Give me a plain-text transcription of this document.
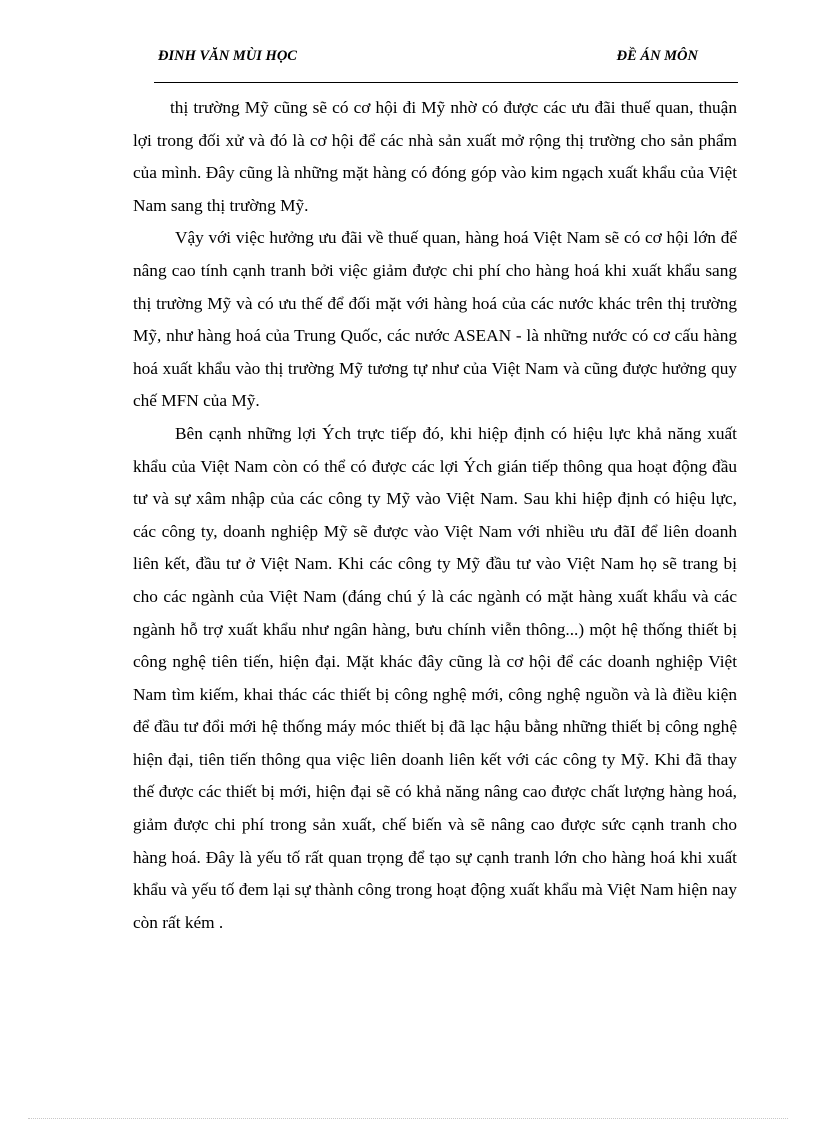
ĐINH VĂN MÙI HỌC	ĐỀ ÁN MÔN

thị trường Mỹ cũng sẽ có cơ hội đi Mỹ nhờ có được các ưu đãi thuế quan, thuận lợi trong đối xử và đó là cơ hội để các nhà sản xuất mở rộng thị trường cho sản phẩm của mình. Đây cũng là những mặt hàng có đóng góp vào kim ngạch xuất khẩu của Việt Nam sang thị trường Mỹ.

Vậy với việc hưởng ưu đãi về thuế quan, hàng hoá Việt Nam sẽ có cơ hội lớn để nâng cao tính cạnh tranh bởi việc giảm được chi phí cho hàng hoá khi xuất khẩu sang thị trường Mỹ và có ưu thế để đối mặt với hàng hoá của các nước khác trên thị trường Mỹ, như hàng hoá của Trung Quốc, các nước ASEAN - là những nước có cơ cấu hàng hoá xuất khẩu vào thị trường Mỹ tương tự như của Việt Nam và cũng được hưởng quy chế MFN của Mỹ.

Bên cạnh những lợi Ých trực tiếp đó, khi hiệp định có hiệu lực khả năng xuất khẩu của Việt Nam còn có thể có được các lợi Ých gián tiếp thông qua hoạt động đầu tư và sự xâm nhập của các công ty Mỹ vào Việt Nam. Sau khi hiệp định có hiệu lực, các công ty, doanh nghiệp Mỹ sẽ được vào Việt Nam với nhiều ưu đãI để liên doanh liên kết, đầu tư ở Việt Nam. Khi các công ty Mỹ đầu tư vào Việt Nam họ sẽ trang bị cho các ngành của Việt Nam (đáng chú ý là các ngành có mặt hàng xuất khẩu và các ngành hỗ trợ xuất khẩu như ngân hàng, bưu chính viễn thông...) một hệ thống thiết bị công nghệ tiên tiến, hiện đại. Mặt khác đây cũng là cơ hội để các doanh nghiệp Việt Nam tìm kiếm, khai thác các thiết bị công nghệ mới, công nghệ nguồn và là điều kiện để đầu tư đổi mới hệ thống máy móc thiết bị đã lạc hậu bằng những thiết bị công nghệ hiện đại, tiên tiến thông qua việc liên doanh liên kết với các công ty Mỹ. Khi đã thay thế được các thiết bị mới, hiện đại sẽ có khả năng nâng cao được chất lượng hàng hoá, giảm được chi phí trong sản xuất, chế biến và sẽ nâng cao được sức cạnh tranh cho hàng hoá. Đây là yếu tố rất quan trọng để tạo sự cạnh tranh lớn cho hàng hoá khi xuất khẩu và yếu tố đem lại sự thành công trong hoạt động xuất khẩu mà Việt Nam hiện nay còn rất kém .
